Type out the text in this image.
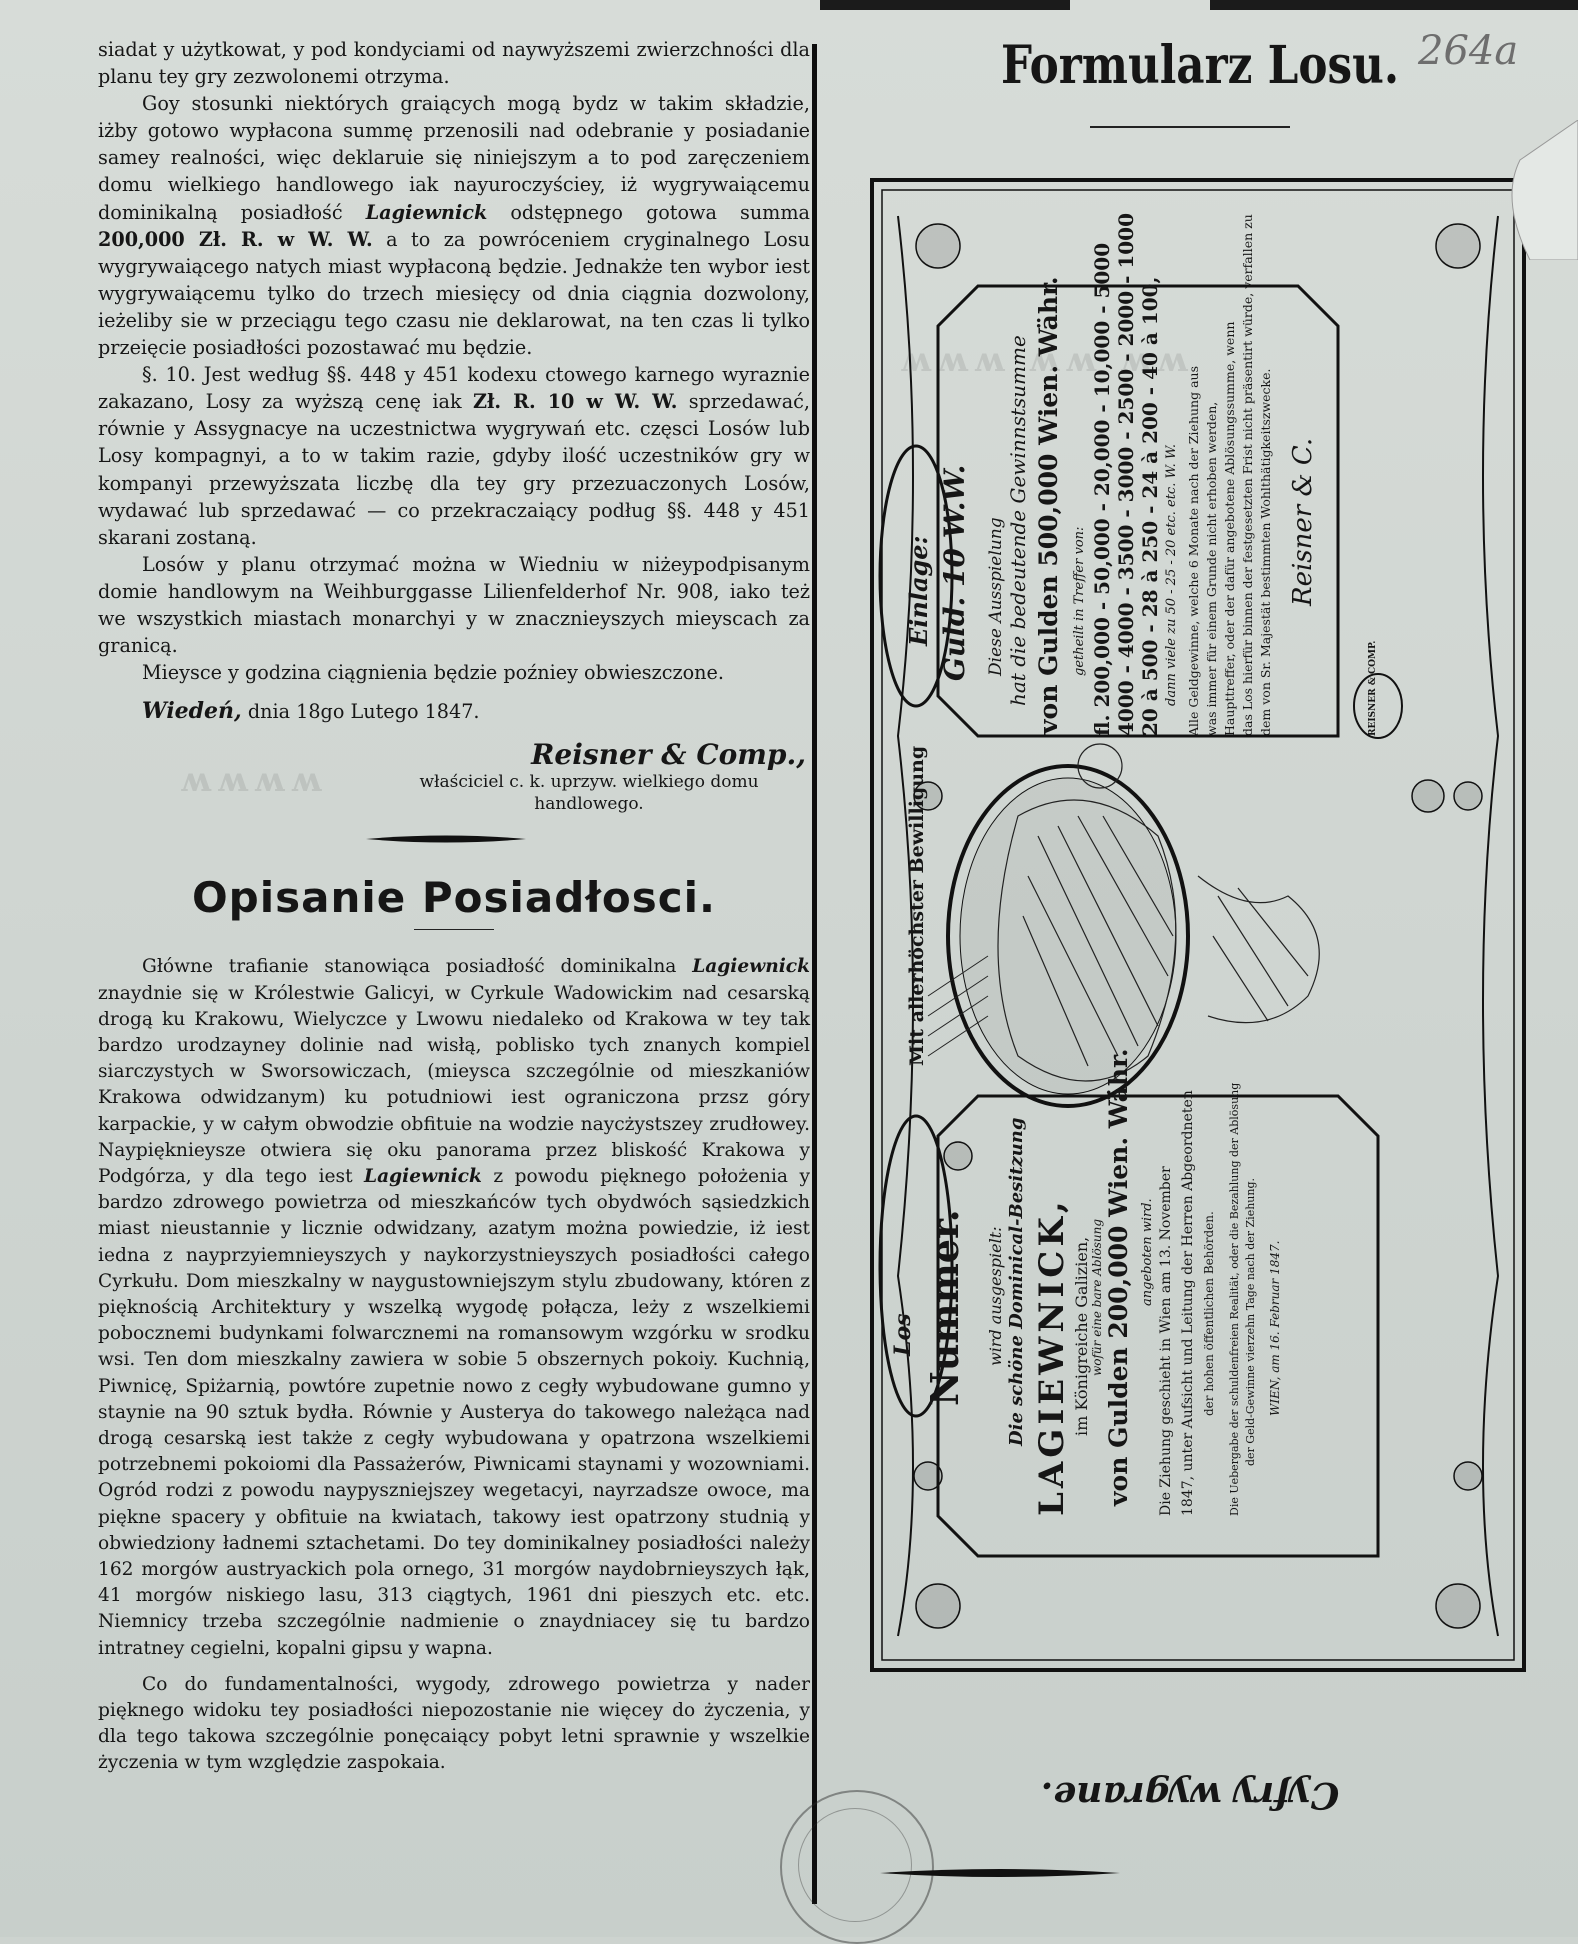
ʍʍʍ ʍʍ ʍʍ
ʍʍʍʍ
264a

siadat y użytkowat, y pod kondyciami od naywyższemi zwierzchności dla planu tey gry zezwolonemi otrzyma.

Goy stosunki niektórych graiących mogą bydz w takim składzie, iżby gotowo wypłacona summę przenosili nad odebranie y posiadanie samey realności, więc deklaruie się niniejszym a to pod zaręczeniem domu wielkiego handlowego iak nayuroczyściey, iż wygrywaiącemu dominikalną posiadłość Lagiewnick odstępnego gotowa summa 200,000 Zł. R. w W. W. a to za powróceniem cryginalnego Losu wygrywaiącego natych miast wypłaconą będzie. Jednakże ten wybor iest wygrywaiącemu tylko do trzech miesięcy od dnia ciągnia dozwolony, ieżeliby sie w przeciągu tego czasu nie deklarowat, na ten czas li tylko przeięcie posiadłości pozostawać mu będzie.

§. 10. Jest według §§. 448 y 451 kodexu ctowego karnego wyraznie zakazano, Losy za wyższą cenę iak Zł. R. 10 w W. W. sprzedawać, równie y Assygnacye na uczestnictwa wygrywań etc. częsci Losów lub Losy kompagnyi, a to w takim razie, gdyby ilość uczestników gry w kompanyi przewyższata liczbę dla tey gry przezuaczonych Losów, wydawać lub sprzedawać — co przekraczaiący podług §§. 448 y 451 skarani zostaną.

Losów y planu otrzymać można w Wiedniu w niżeypodpisanym domie handlowym na Weihburggasse Lilienfelderhof Nr. 908, iako też we wszystkich miastach monarchyi y w znacznieyszych mieyscach za granicą.

Mieysce y godzina ciągnienia będzie poźniey obwieszczone.

Wiedeń, dnia 18go Lutego 1847.

Reisner & Comp.,
właściciel c. k. uprzyw. wielkiego domu
handlowego.
Opisanie Posiadłosci.

Główne trafianie stanowiąca posiadłość dominikalna Lagiewnick znaydnie się w Królestwie Galicyi, w Cyrkule Wadowickim nad cesarską drogą ku Krakowu, Wielyczce y Lwowu niedaleko od Krakowa w tey tak bardzo urodzayney dolinie nad wisłą, poblisko tych znanych kompiel siarczystych w Sworsowiczach, (mieysca szczególnie od mieszkaniów Krakowa odwidzanym) ku potudniowi iest ograniczona przsz góry karpackie, y w całym obwodzie obfituie na wodzie naycżystszey zrudłowey. Naypięknieysze otwiera się oku panorama przez bliskość Krakowa y Podgórza, y dla tego iest Lagiewnick z powodu pięknego położenia y bardzo zdrowego powietrza od mieszkańców tych obydwóch sąsiedzkich miast nieustannie y licznie odwidzany, azatym można powiedzie, iż iest iedna z nayprzyiemnieyszych y naykorzystnieyszych posiadłości całego Cyrkułu. Dom mieszkalny w naygustowniejszym stylu zbudowany, któren z pięknością Architektury y wszelką wygodę połącza, leży z wszelkiemi pobocznemi budynkami folwarcznemi na romansowym wzgórku w srodku wsi. Ten dom mieszkalny zawiera w sobie 5 obszernych pokoiy. Kuchnią, Piwnicę, Spiżarnią, powtóre zupetnie nowo z cegły wybudowane gumno y staynie na 90 sztuk bydła. Równie y Austerya do takowego należąca nad drogą cesarską iest także z cegły wybudowana y opatrzona wszelkiemi potrzebnemi pokoiomi dla Passażerów, Piwnicami staynami y wozowniami. Ogród rodzi z powodu naypyszniejszey wegetacyi, nayrzadsze owoce, ma piękne spacery y obfituie na kwiatach, takowy iest opatrzony studnią y obwiedziony ładnemi sztachetami. Do tey dominikalney posiadłości należy 162 morgów austryackich pola ornego, 31 morgów naydobrnieyszych łąk, 41 morgów niskiego lasu, 313 ciągtych, 1961 dni pieszych etc. etc. Niemnicy trzeba szczególnie nadmienie o znaydniacey się tu bardzo intratney cegielni, kopalni gipsu y wapna.

Co do fundamentalności, wygody, zdrowego powietrza y nader pięknego widoku tey posiadłości niepozostanie nie więcey do życzenia, y dla tego takowa szczególnie ponęcaiący pobyt letni sprawnie y wszelkie życzenia w tym względzie zaspokaia.

Formularz Losu.
Einlage: Guld. 10 W.W.
Mit allerhöchster Bewilligung
Los Nummer.
Diese Ausspielung hat die bedeutende Gewinnstsumme von Gulden 500,000 Wien. Währ. getheilt in Treffer von: fl. 200,000 - 50,000 - 20,000 - 10,000 - 5000 4000 - 4000 - 3500 - 3000 - 2500 - 2000 - 1000 20 à 500 - 28 à 250 - 24 à 200 - 40 à 100, dann viele zu 50 - 25 - 20 etc. etc. W. W. Alle Geldgewinne, welche 6 Monate nach der Ziehung aus was immer für einem Grunde nicht erhoben werden, Haupttreffer, oder der dafür angebotene Ablösungssumme, wenn das Los hierfür binnen der festgesetzten Frist nicht präsentirt würde, verfallen zu dem von Sr. Majestät bestimmten Wohlthätigkeitszwecke. Reisner & C.
REISNER & COMP.
wird ausgespielt: Die schöne Dominical-Besitzung LAGIEWNICK, im Königreiche Galizien, wofür eine bare Ablösung von Gulden 200,000 Wien. Währ. angeboten wird. Die Ziehung geschieht in Wien am 13. November 1847, unter Aufsicht und Leitung der Herren Abgeordneten der hohen öffentlichen Behörden. Die Uebergabe der schuldenfreien Realität, oder die Bezahlung der Ablösung der Geld-Gewinne vierzehn Tage nach der Ziehung. WIEN, am 16. Februar 1847.
Cyfry wygrane.
